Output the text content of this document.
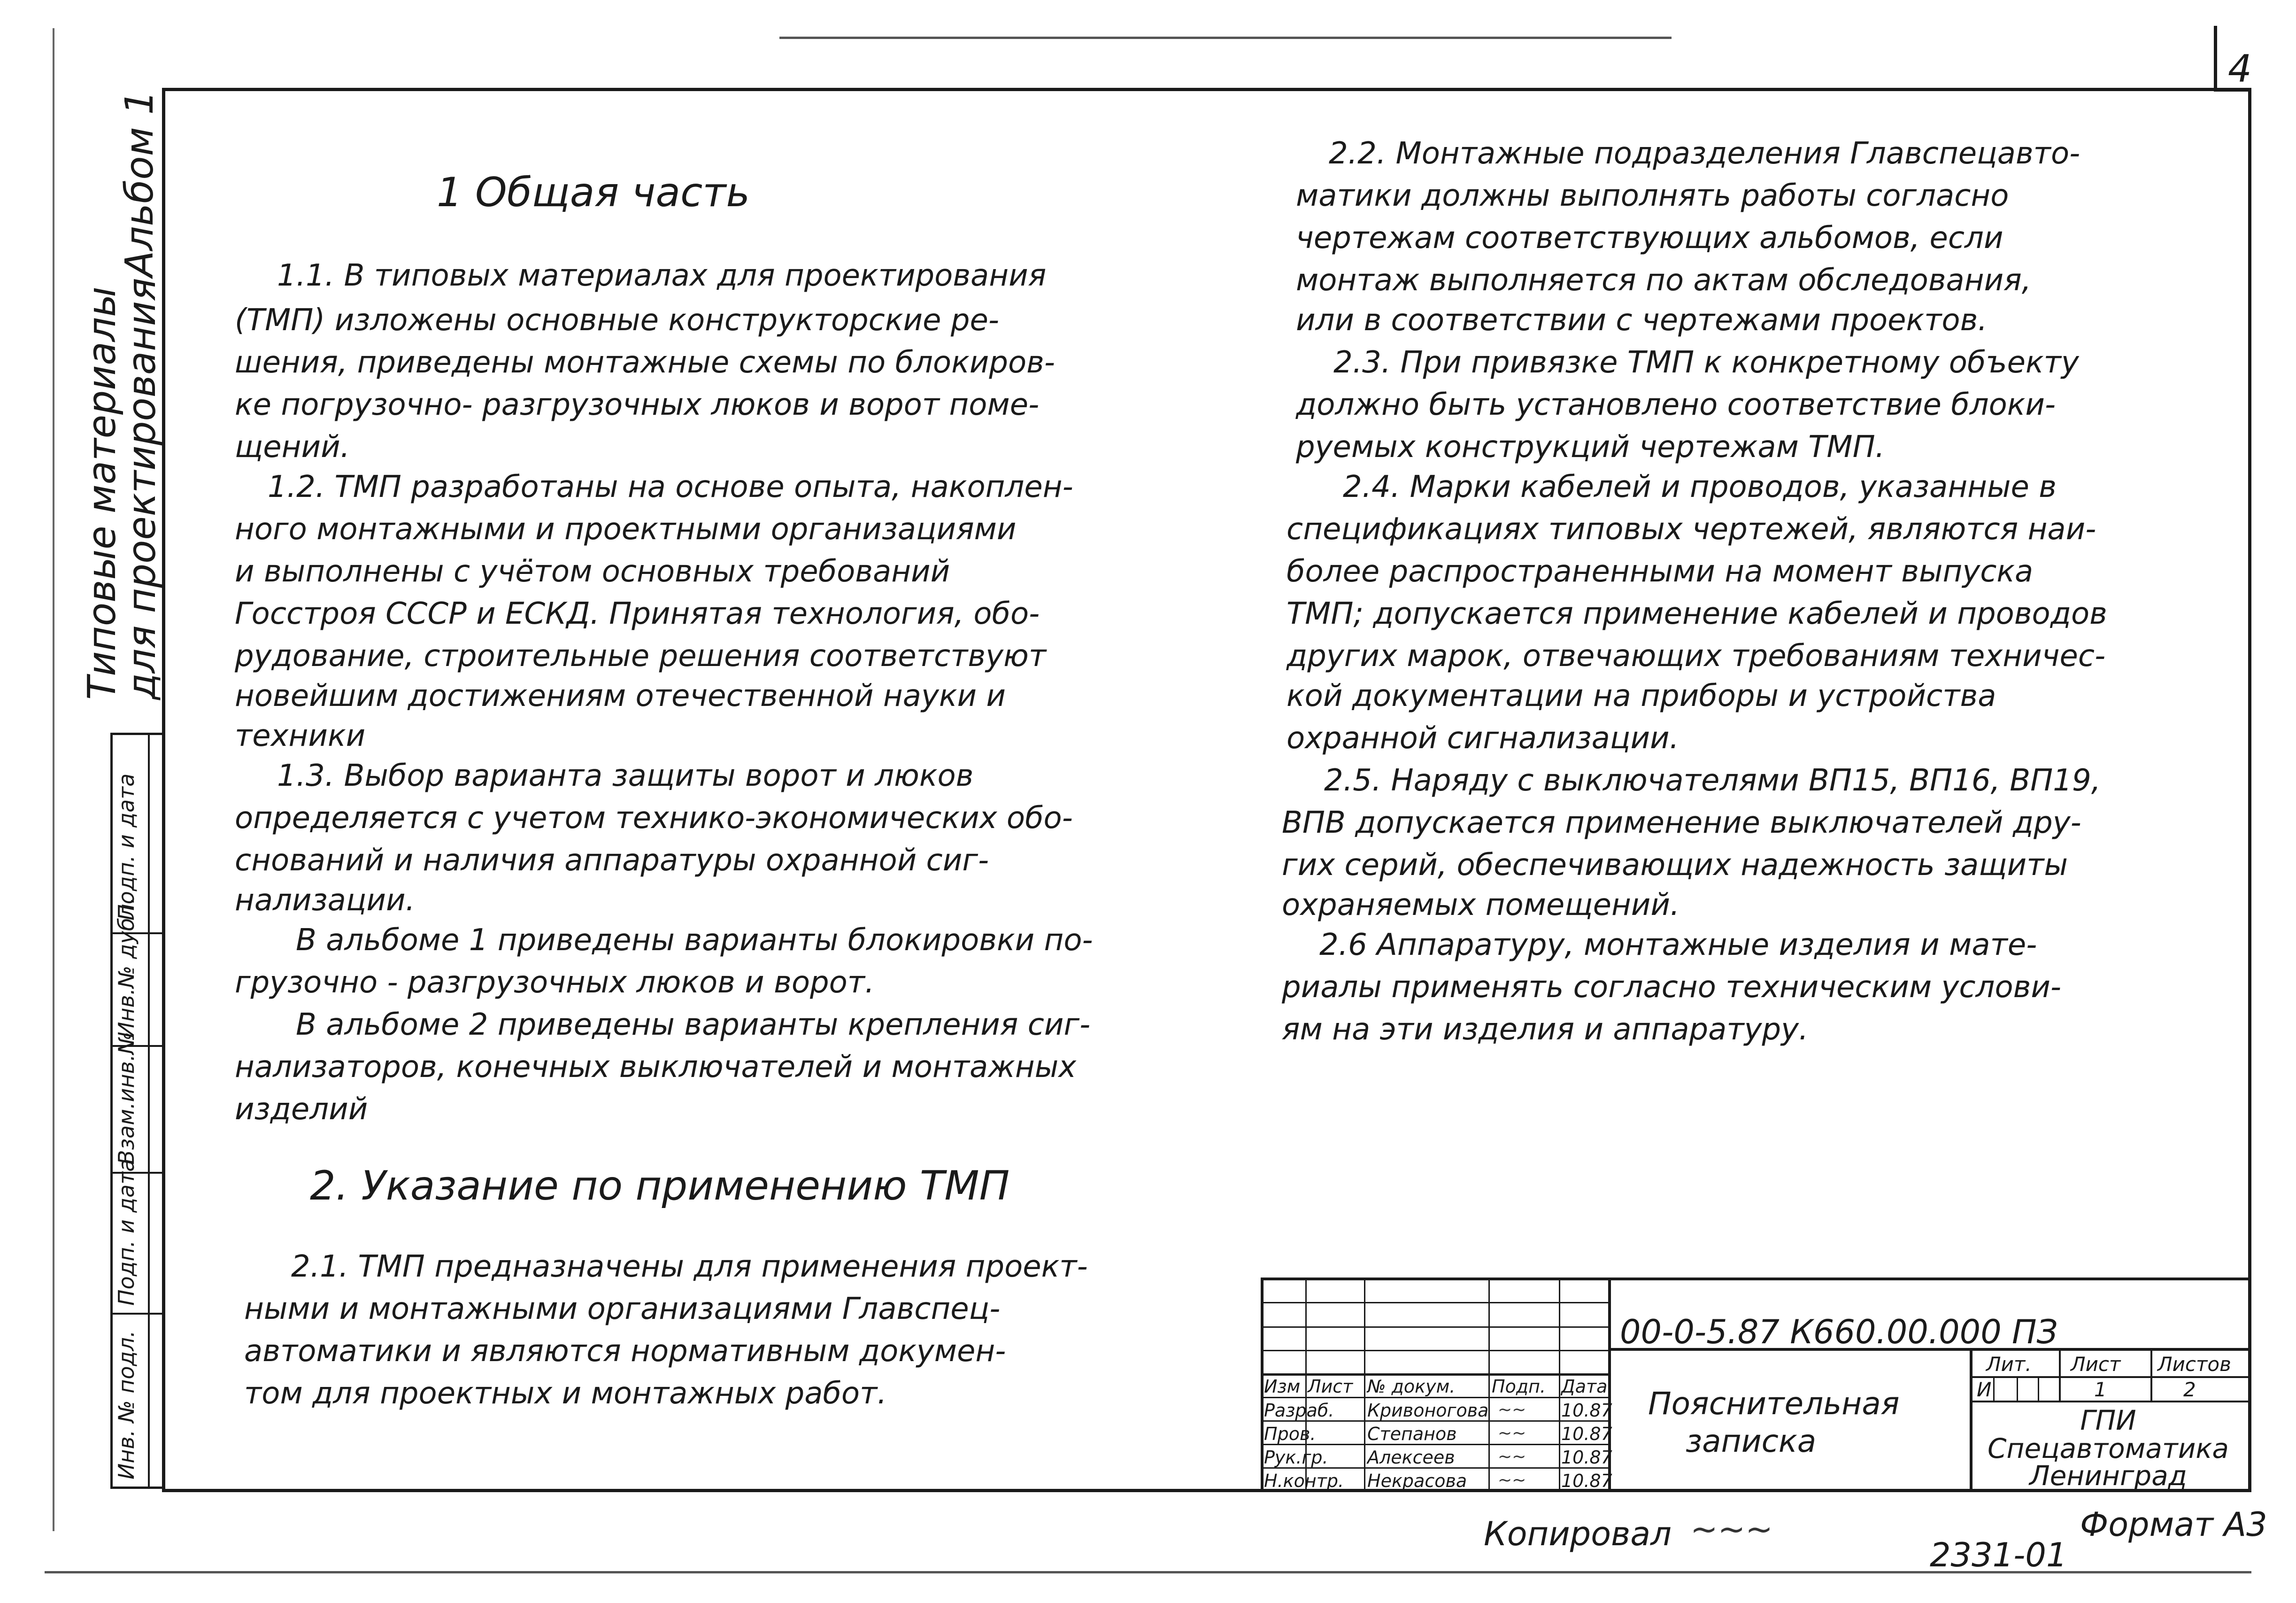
4
Альбом 1
Типовые материалы
для проектирования
Инв. № подл.
Подп. и дата
Взам.инв.№
Инв.№ дубл.
Подп. и дата
1 Общая часть
1.1. В типовых материалах для проектирования
(ТМП) изложены основные конструкторские ре-
шения, приведены монтажные схемы по блокиров-
ке погрузочно- разгрузочных люков и ворот поме-
щений.
1.2. ТМП разработаны на основе опыта, накоплен-
ного монтажными и проектными организациями
и выполнены с учётом основных требований
Госстроя СССР и ЕСКД. Принятая технология, обо-
рудование, строительные решения соответствуют
новейшим достижениям отечественной науки и
техники
1.3. Выбор варианта защиты ворот и люков
определяется с учетом технико-экономических обо-
снований и наличия аппаратуры охранной сиг-
нализации.
В альбоме 1 приведены варианты блокировки по-
грузочно - разгрузочных люков и ворот.
В альбоме 2 приведены варианты крепления сиг-
нализаторов, конечных выключателей и монтажных
изделий
2. Указание по применению ТМП
2.1. ТМП предназначены для применения проект-
ными и монтажными организациями Главспец-
автоматики и являются нормативным докумен-
том для проектных и монтажных работ.
2.2. Монтажные подразделения Главспецавто-
матики должны выполнять работы согласно
чертежам соответствующих альбомов, если
монтаж выполняется по актам обследования,
или в соответствии с чертежами проектов.
2.3. При привязке ТМП к конкретному объекту
должно быть установлено соответствие блоки-
руемых конструкций чертежам ТМП.
2.4. Марки кабелей и проводов, указанные в
спецификациях типовых чертежей, являются наи-
более распространенными на момент выпуска
ТМП; допускается применение кабелей и проводов
других марок, отвечающих требованиям техничес-
кой документации на приборы и устройства
охранной сигнализации.
2.5. Наряду с выключателями ВП15, ВП16, ВП19,
ВПВ допускается применение выключателей дру-
гих серий, обеспечивающих надежность защиты
охраняемых помещений.
2.6 Аппаратуру, монтажные изделия и мате-
риалы применять согласно техническим услови-
ям на эти изделия и аппаратуру.
Изм Лист № докум. Подп. Дата
Разраб. Кривоногова ~~ 10.87
Пров.	Степанов ~~ 10.87
Рук.гр. Алексеев	~~ 10.87
Н.контр. Некрасова ~~ 10.87
00-0-5.87 К660.00.000 ПЗ
Пояснительная
записка
Лит. Лист Листов
И	1	2
ГПИ
Спецавтоматика
Ленинград
Копировал ~~~	Формат А3
2331-01
